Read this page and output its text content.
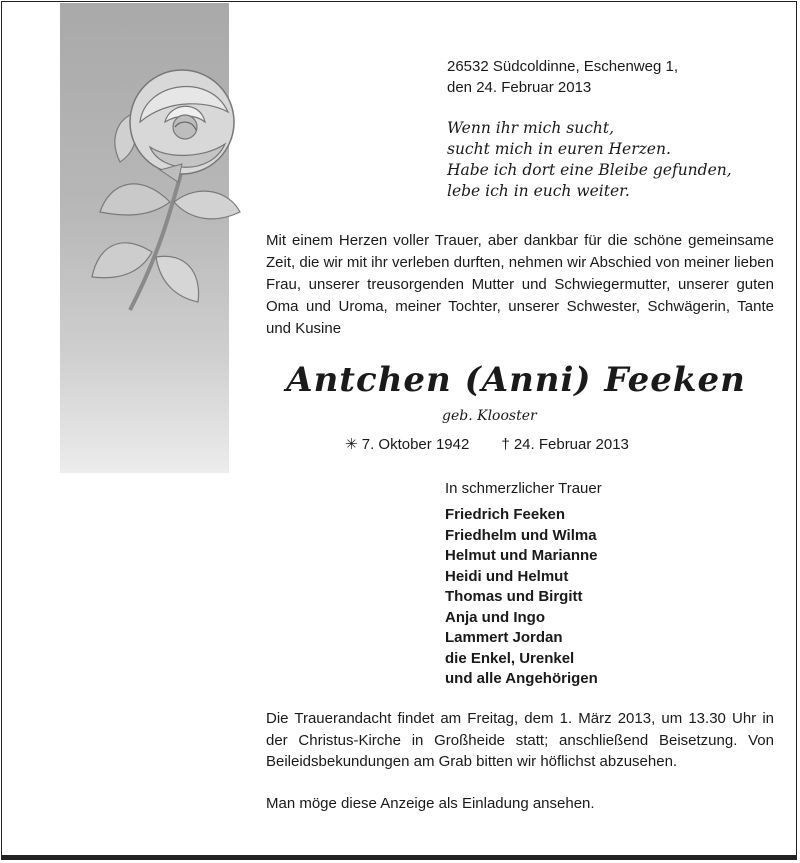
26532 Südcoldinne, Eschenweg 1,
den 24. Februar 2013
Wenn ihr mich sucht,
sucht mich in euren Herzen.
Habe ich dort eine Bleibe gefunden,
lebe ich in euch weiter.
Mit einem Herzen voller Trauer, aber dankbar für die schöne gemeinsame Zeit, die wir mit ihr verleben durften, nehmen wir Abschied von meiner lieben Frau, unserer treusorgenden Mutter und Schwiegermutter, unserer guten Oma und Uroma, meiner Tochter, unserer Schwester, Schwägerin, Tante und Kusine
Antchen (Anni) Feeken
geb. Klooster
✳ 7. Oktober 1942 † 24. Februar 2013
In schmerzlicher Trauer
Friedrich Feeken
Friedhelm und Wilma
Helmut und Marianne
Heidi und Helmut
Thomas und Birgitt
Anja und Ingo
Lammert Jordan
die Enkel, Urenkel
und alle Angehörigen
Die Trauerandacht findet am Freitag, dem 1. März 2013, um 13.30 Uhr in der Christus-Kirche in Großheide statt; anschließend Beisetzung. Von Beileidsbekundungen am Grab bitten wir höflichst abzusehen.
Man möge diese Anzeige als Einladung ansehen.
